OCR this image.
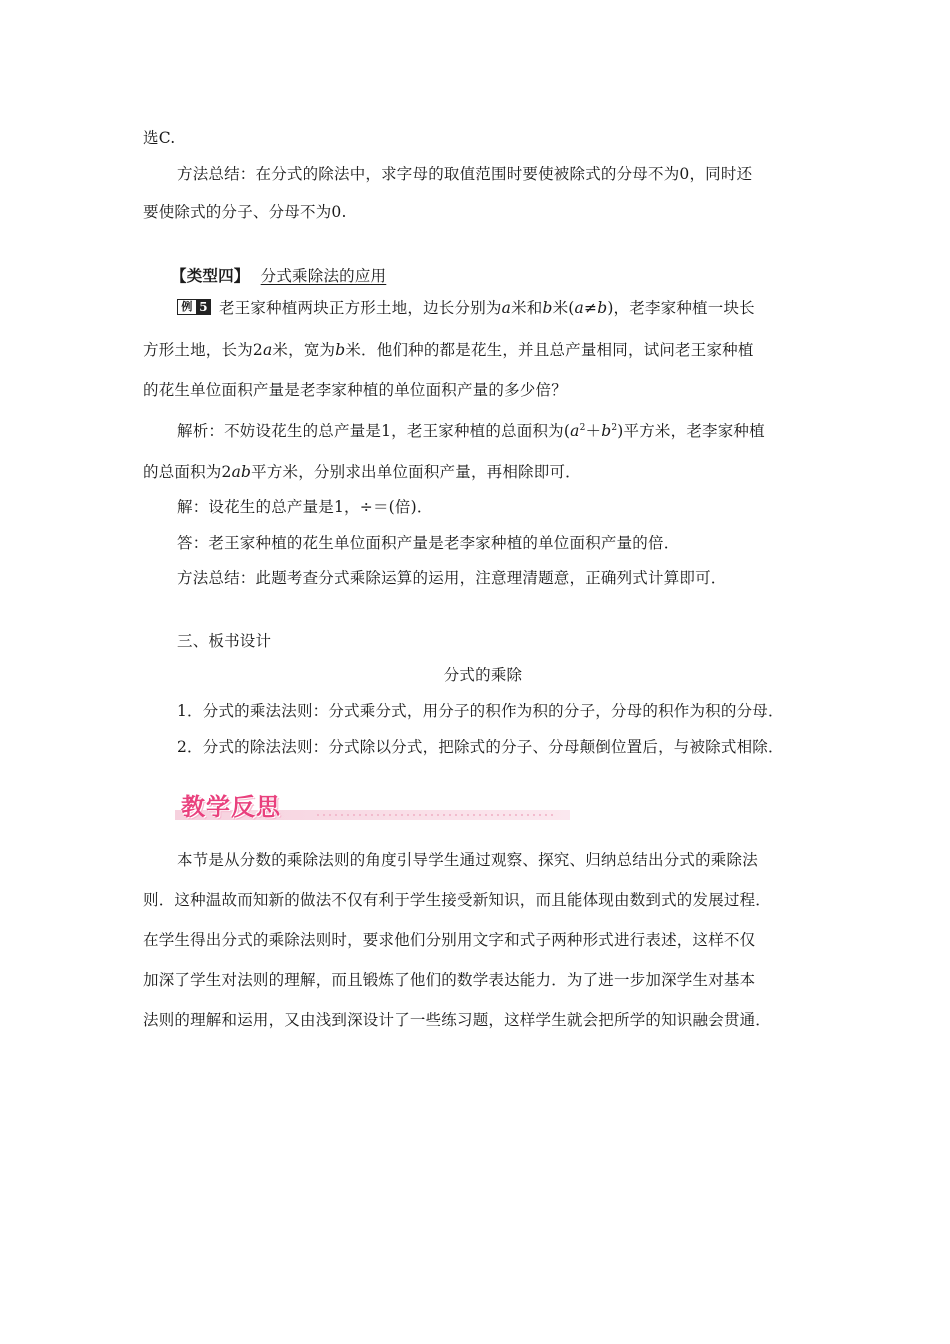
选C.
方法总结：在分式的除法中，求字母的取值范围时要使被除式的分母不为0，同时还
要使除式的分子、分母不为0.
【类型四】 分式乘除法的应用
例 5 老王家种植两块正方形土地，边长分别为a米和b米(a≠b)，老李家种植一块长
方形土地，长为2a米，宽为b米．他们种的都是花生，并且总产量相同，试问老王家种植
的花生单位面积产量是老李家种植的单位面积产量的多少倍？
解析：不妨设花生的总产量是1，老王家种植的总面积为$(a^2+b^2)$平方米，老李家种植
的总面积为2ab平方米，分别求出单位面积产量，再相除即可．
解：设花生的总产量是1，÷＝(倍)．
答：老王家种植的花生单位面积产量是老李家种植的单位面积产量的倍．
方法总结：此题考查分式乘除运算的运用，注意理清题意，正确列式计算即可．
三、板书设计
分式的乘除
1．分式的乘法法则：分式乘分式，用分子的积作为积的分子，分母的积作为积的分母．
2．分式的除法法则：分式除以分式，把除式的分子、分母颠倒位置后，与被除式相除．
教学反思
本节是从分数的乘除法则的角度引导学生通过观察、探究、归纳总结出分式的乘除法
则．这种温故而知新的做法不仅有利于学生接受新知识，而且能体现由数到式的发展过程．
在学生得出分式的乘除法则时，要求他们分别用文字和式子两种形式进行表述，这样不仅
加深了学生对法则的理解，而且锻炼了他们的数学表达能力．为了进一步加深学生对基本
法则的理解和运用，又由浅到深设计了一些练习题，这样学生就会把所学的知识融会贯通．
